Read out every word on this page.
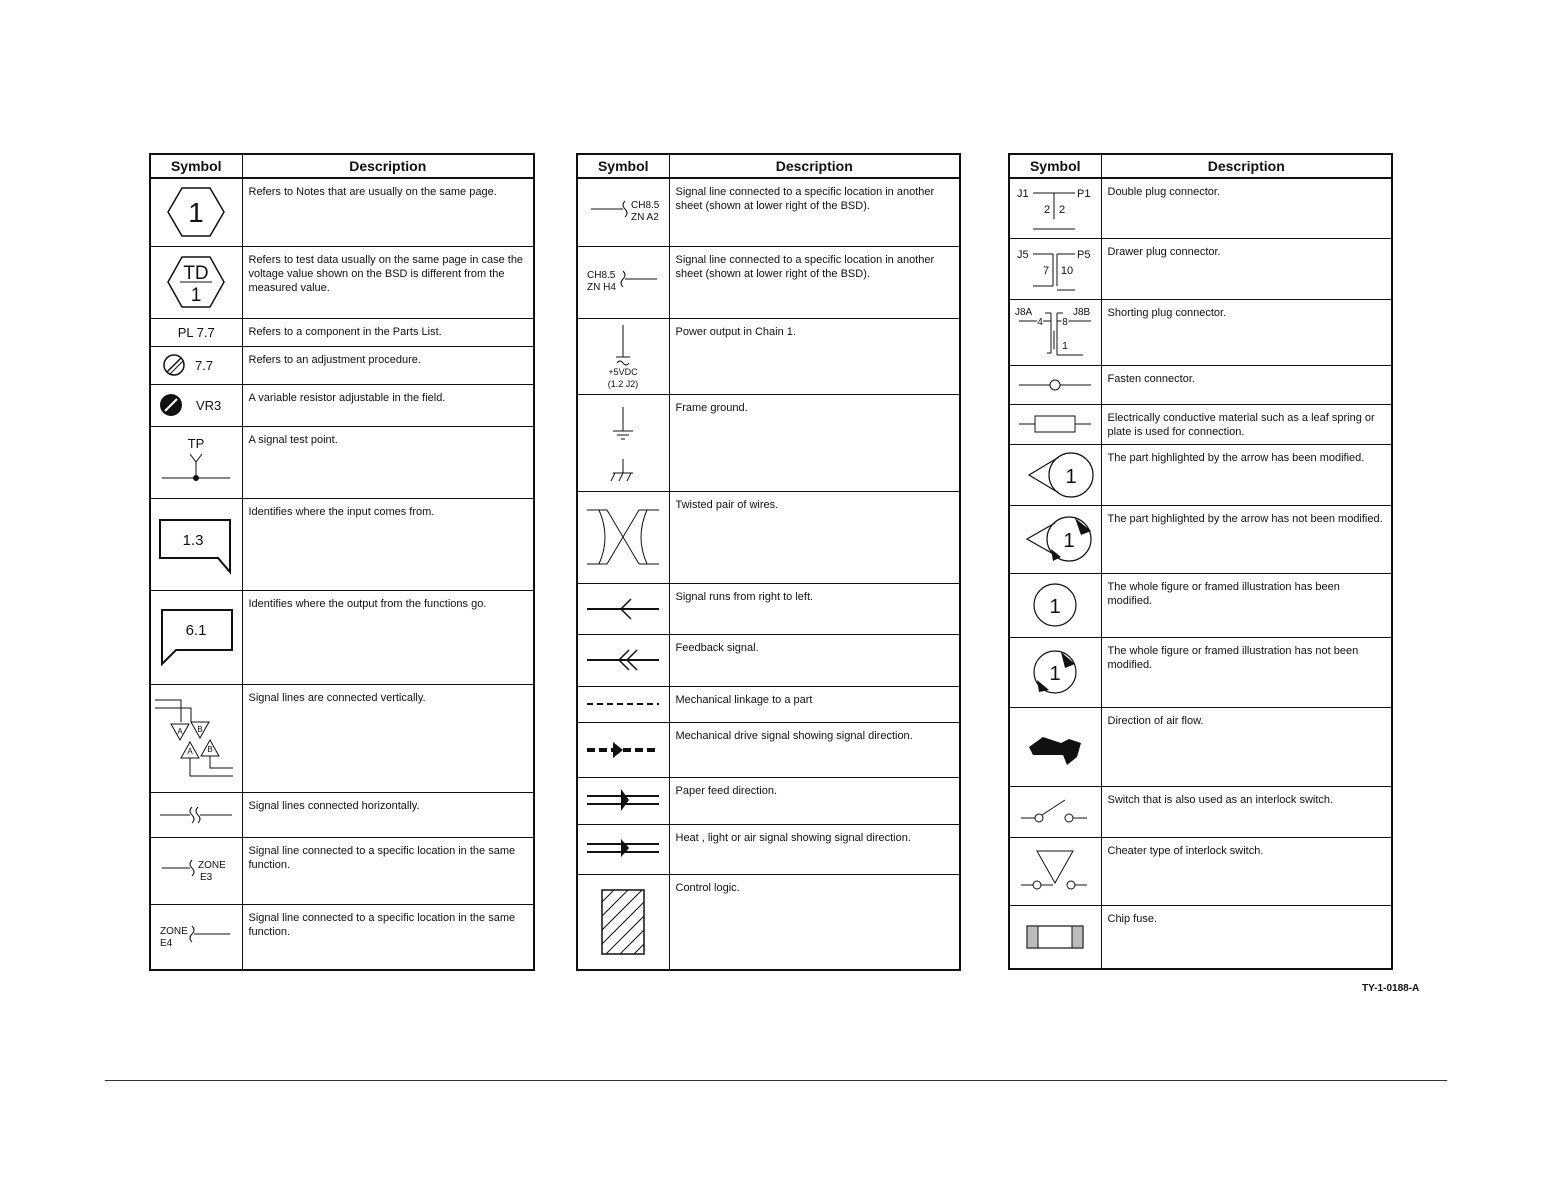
Symbol	Description

1	Refers to Notes that are usually on the same page.

TD
1	Refers to test data usually on the same page in case the voltage value shown on the BSD is different from the measured value.
PL 7.7	Refers to a component in the Parts List.

7.7	Refers to an adjustment procedure.

VR3	A variable resistor adjustable in the field.

TP	A signal test point.

1.3	Identifies where the input comes from.

6.1	Identifies where the output from the functions go.

A B
A B	Signal lines are connected vertically.

	Signal lines connected horizontally.

ZONE
E3	Signal line connected to a specific location in the same function.

ZONE
E4	Signal line connected to a specific location in the same function.
Symbol	Description

CH8.5
ZN A2	Signal line connected to a specific location in another sheet (shown at lower right of the BSD).

CH8.5
ZN H4	Signal line connected to a specific location in another sheet (shown at lower right of the BSD).

+5VDC
(1.2 J2)	Power output in Chain 1.

	Frame ground.

	Twisted pair of wires.

	Signal runs from right to left.

	Feedback signal.

	Mechanical linkage to a part

	Mechanical drive signal showing signal direction.

	Paper feed direction.

	Heat , light or air signal showing signal direction.

	Control logic.
Symbol	Description

J1 P1
2 2	Double plug connector.

J5 P5
7 10	Drawer plug connector.

J8A J8B
4 8
1	Shorting plug connector.

	Fasten connector.

	Electrically conductive material such as a leaf spring or plate is used for connection.

1	The part highlighted by the arrow has been modified.

1	The part highlighted by the arrow has not been modified.

1	The whole figure or framed illustration has been modified.

1	The whole figure or framed illustration has not been modified.

	Direction of air flow.

	Switch that is also used as an interlock switch.

	Cheater type of interlock switch.

	Chip fuse.
TY-1-0188-A
